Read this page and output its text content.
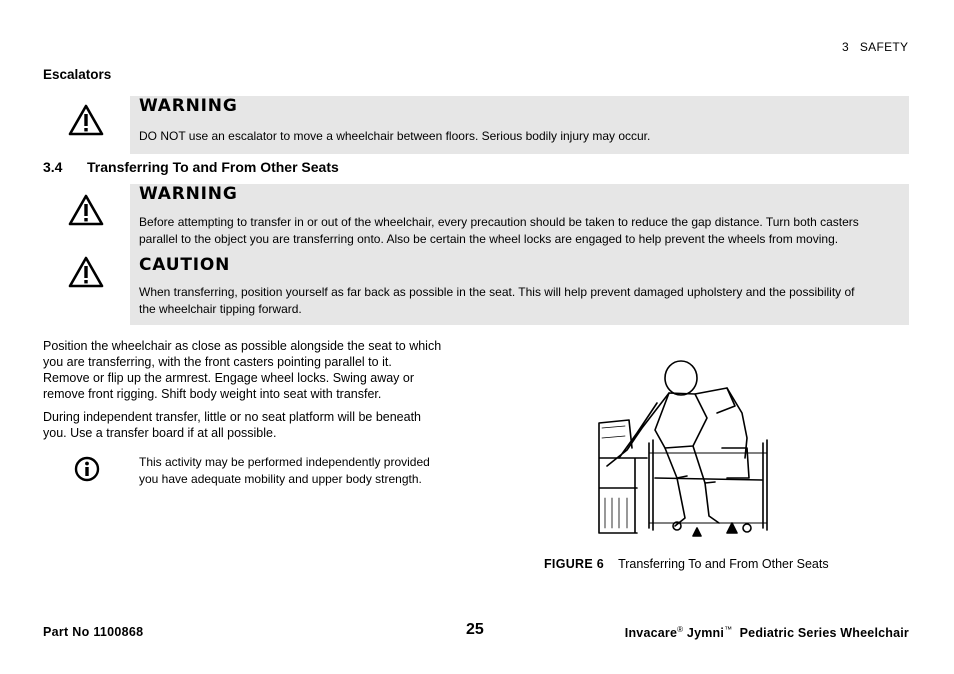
3   SAFETY
Escalators
WARNING
DO NOT use an escalator to move a wheelchair between floors. Serious bodily injury may occur.
3.4 Transferring To and From Other Seats
WARNING
Before attempting to transfer in or out of the wheelchair, every precaution should be taken to reduce the gap distance. Turn both casters
parallel to the object you are transferring onto. Also be certain the wheel locks are engaged to help prevent the wheels from moving.
CAUTION
When transferring, position yourself as far back as possible in the seat. This will help prevent damaged upholstery and the possibility of
the wheelchair tipping forward.
Position the wheelchair as close as possible alongside the seat to which
you are transferring, with the front casters pointing parallel to it.
Remove or flip up the armrest. Engage wheel locks. Swing away or
remove front rigging. Shift body weight into seat with transfer.
During independent transfer, little or no seat platform will be beneath
you. Use a transfer board if at all possible.
This activity may be performed independently provided
you have adequate mobility and upper body strength.
FIGURE 6 Transferring To and From Other Seats
Part No 1100868	25	Invacare® Jymni™ Pediatric Series Wheelchair
